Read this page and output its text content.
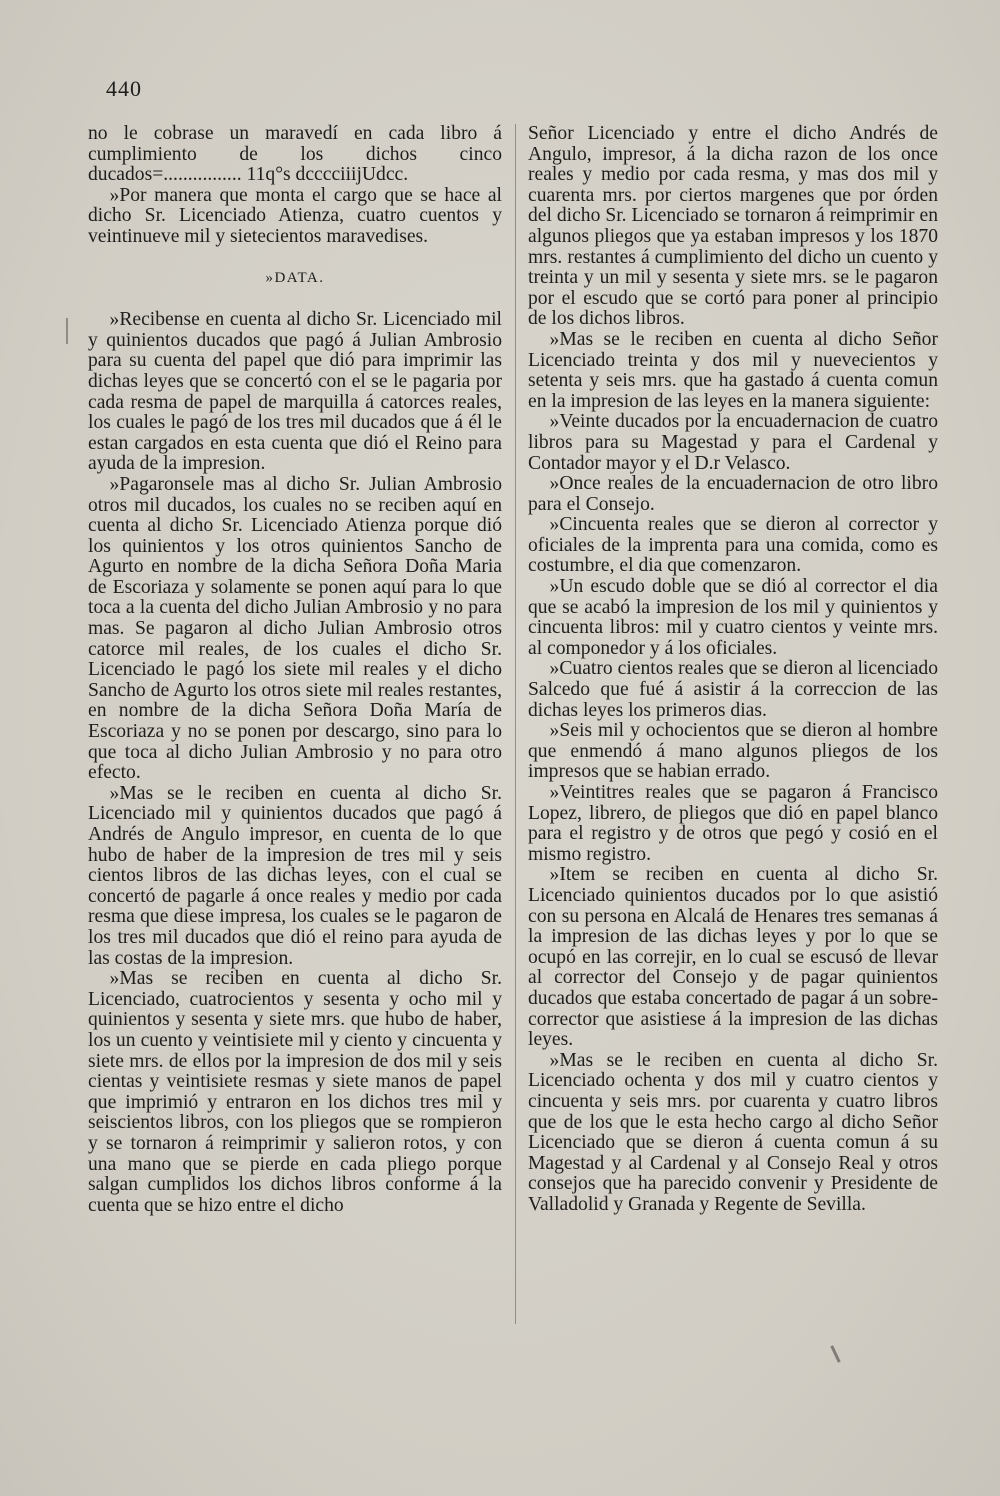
440

no le cobrase un maravedí en cada libro á cumplimiento de los dichos cinco ducados=................ 11q°s dcccciiijUdcc.

»Por manera que monta el cargo que se hace al dicho Sr. Licenciado Atienza, cuatro cuentos y veintinueve mil y sietecientos maravedises.

»DATA.

»Recibense en cuenta al dicho Sr. Licenciado mil y quinientos ducados que pagó á Julian Ambrosio para su cuenta del papel que dió para imprimir las dichas leyes que se concertó con el se le pagaria por cada resma de papel de marquilla á catorces reales, los cuales le pagó de los tres mil ducados que á él le estan cargados en esta cuenta que dió el Reino para ayuda de la impresion.

»Pagaronsele mas al dicho Sr. Julian Ambrosio otros mil ducados, los cuales no se reciben aquí en cuenta al dicho Sr. Licenciado Atienza porque dió los quinientos y los otros quinientos Sancho de Agurto en nombre de la dicha Señora Doña Maria de Escoriaza y solamente se ponen aquí para lo que toca a la cuenta del dicho Julian Ambrosio y no para mas. Se pagaron al dicho Julian Ambrosio otros catorce mil reales, de los cuales el dicho Sr. Licenciado le pagó los siete mil reales y el dicho Sancho de Agurto los otros siete mil reales restantes, en nombre de la dicha Señora Doña María de Escoriaza y no se ponen por descargo, sino para lo que toca al dicho Julian Ambrosio y no para otro efecto.

»Mas se le reciben en cuenta al dicho Sr. Licenciado mil y quinientos ducados que pagó á Andrés de Angulo impresor, en cuenta de lo que hubo de haber de la impresion de tres mil y seis cientos libros de las dichas leyes, con el cual se concertó de pagarle á once reales y medio por cada resma que diese impresa, los cuales se le pagaron de los tres mil ducados que dió el reino para ayuda de las costas de la impresion.

»Mas se reciben en cuenta al dicho Sr. Licenciado, cuatrocientos y sesenta y ocho mil y quinientos y sesenta y siete mrs. que hubo de haber, los un cuento y veintisiete mil y ciento y cincuenta y siete mrs. de ellos por la impresion de dos mil y seis cientas y veintisiete resmas y siete manos de papel que imprimió y entraron en los dichos tres mil y seiscientos libros, con los pliegos que se rompieron y se tornaron á reimprimir y salieron rotos, y con una mano que se pierde en cada pliego porque salgan cumplidos los dichos libros conforme á la cuenta que se hizo entre el dicho

Señor Licenciado y entre el dicho Andrés de Angulo, impresor, á la dicha razon de los once reales y medio por cada resma, y mas dos mil y cuarenta mrs. por ciertos margenes que por órden del dicho Sr. Licenciado se tornaron á reimprimir en algunos pliegos que ya estaban impresos y los 1870 mrs. restantes á cumplimiento del dicho un cuento y treinta y un mil y sesenta y siete mrs. se le pagaron por el escudo que se cortó para poner al principio de los dichos libros.

»Mas se le reciben en cuenta al dicho Señor Licenciado treinta y dos mil y nuevecientos y setenta y seis mrs. que ha gastado á cuenta comun en la impresion de las leyes en la manera siguiente:

»Veinte ducados por la encuadernacion de cuatro libros para su Magestad y para el Cardenal y Contador mayor y el D.r Velasco.

»Once reales de la encuadernacion de otro libro para el Consejo.

»Cincuenta reales que se dieron al corrector y oficiales de la imprenta para una comida, como es costumbre, el dia que comenzaron.

»Un escudo doble que se dió al corrector el dia que se acabó la impresion de los mil y quinientos y cincuenta libros: mil y cuatro cientos y veinte mrs. al componedor y á los oficiales.

»Cuatro cientos reales que se dieron al licenciado Salcedo que fué á asistir á la correccion de las dichas leyes los primeros dias.

»Seis mil y ochocientos que se dieron al hombre que enmendó á mano algunos pliegos de los impresos que se habian errado.

»Veintitres reales que se pagaron á Francisco Lopez, librero, de pliegos que dió en papel blanco para el registro y de otros que pegó y cosió en el mismo registro.

»Item se reciben en cuenta al dicho Sr. Licenciado quinientos ducados por lo que asistió con su persona en Alcalá de Henares tres semanas á la impresion de las dichas leyes y por lo que se ocupó en las correjir, en lo cual se escusó de llevar al corrector del Consejo y de pagar quinientos ducados que estaba concertado de pagar á un sobre-corrector que asistiese á la impresion de las dichas leyes.

»Mas se le reciben en cuenta al dicho Sr. Licenciado ochenta y dos mil y cuatro cientos y cincuenta y seis mrs. por cuarenta y cuatro libros que de los que le esta hecho cargo al dicho Señor Licenciado que se dieron á cuenta comun á su Magestad y al Cardenal y al Consejo Real y otros consejos que ha parecido convenir y Presidente de Valladolid y Granada y Regente de Sevilla.
